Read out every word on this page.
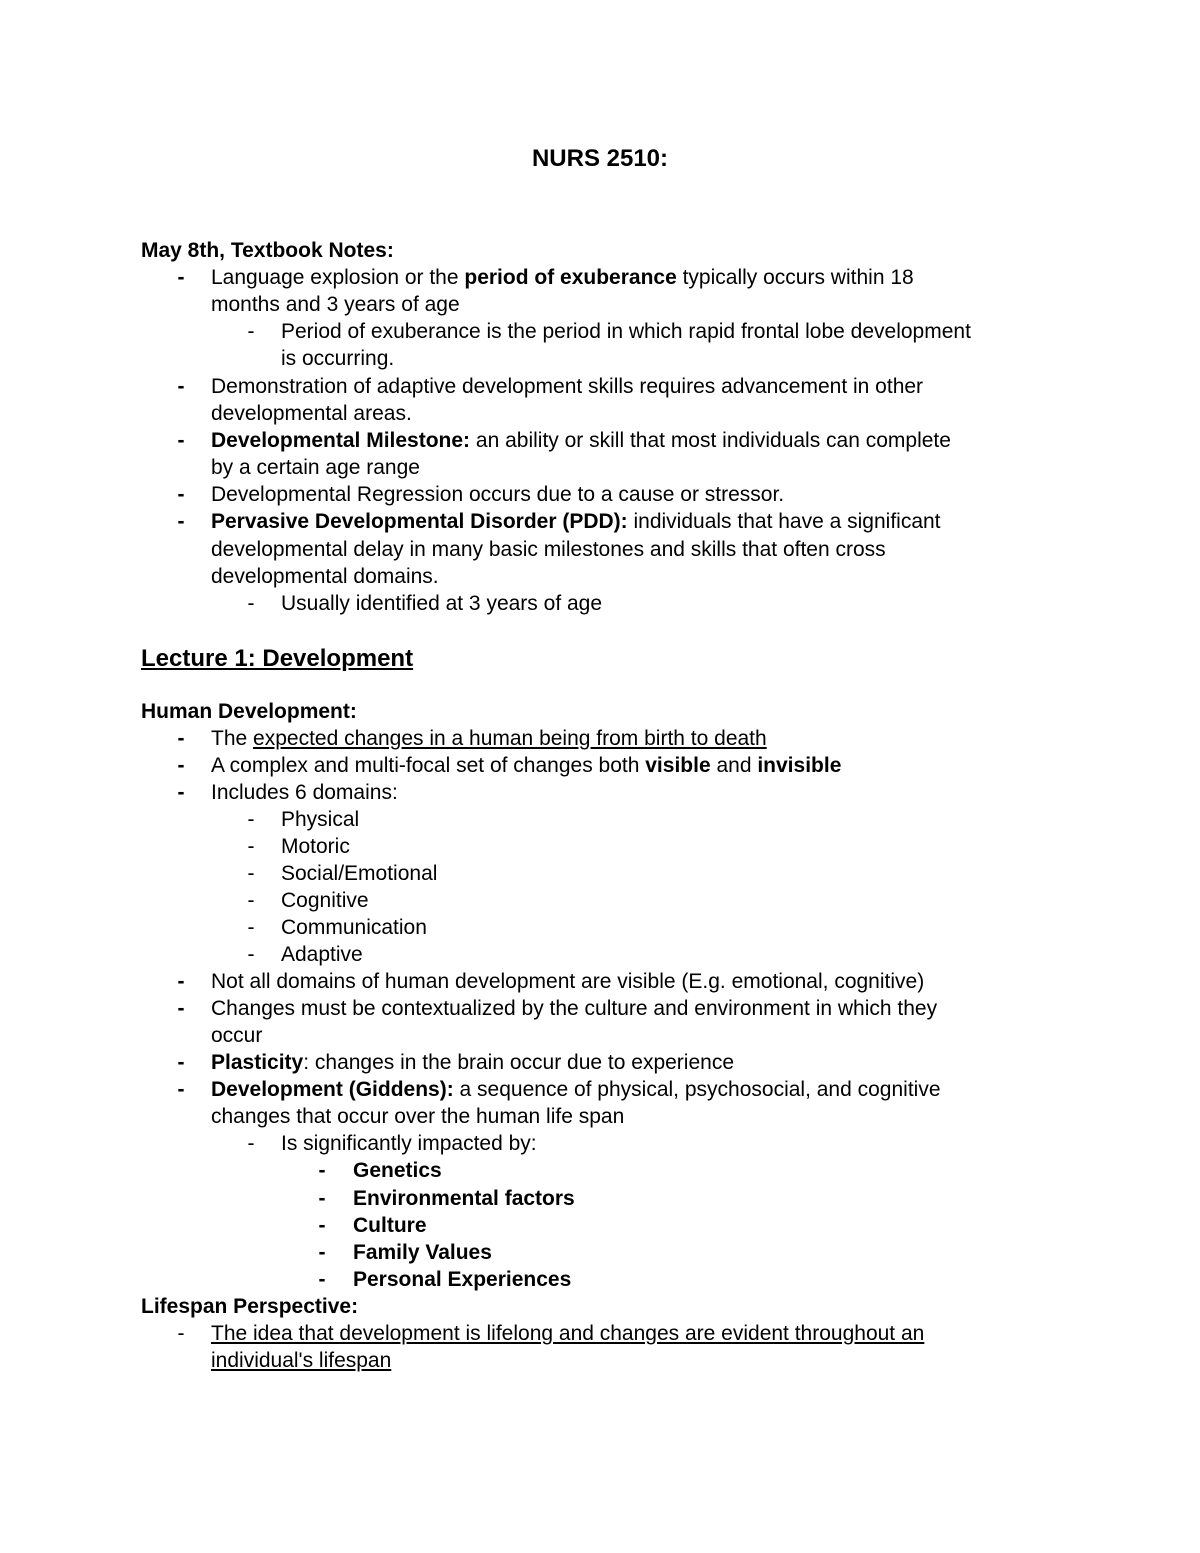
NURS 2510:
May 8th, Textbook Notes:
- Language explosion or the period of exuberance typically occurs within 18
months and 3 years of age
- Period of exuberance is the period in which rapid frontal lobe development
is occurring.
- Demonstration of adaptive development skills requires advancement in other
developmental areas.
- Developmental Milestone: an ability or skill that most individuals can complete
by a certain age range
- Developmental Regression occurs due to a cause or stressor.
- Pervasive Developmental Disorder (PDD): individuals that have a significant
developmental delay in many basic milestones and skills that often cross
developmental domains.
- Usually identified at 3 years of age
Lecture 1: Development
Human Development:
- The expected changes in a human being from birth to death
- A complex and multi-focal set of changes both visible and invisible
- Includes 6 domains:
- Physical
- Motoric
- Social/Emotional
- Cognitive
- Communication
- Adaptive
- Not all domains of human development are visible (E.g. emotional, cognitive)
- Changes must be contextualized by the culture and environment in which they
occur
- Plasticity: changes in the brain occur due to experience
- Development (Giddens): a sequence of physical, psychosocial, and cognitive
changes that occur over the human life span
- Is significantly impacted by:
- Genetics
- Environmental factors
- Culture
- Family Values
- Personal Experiences
Lifespan Perspective:
- The idea that development is lifelong and changes are evident throughout an
individual's lifespan
